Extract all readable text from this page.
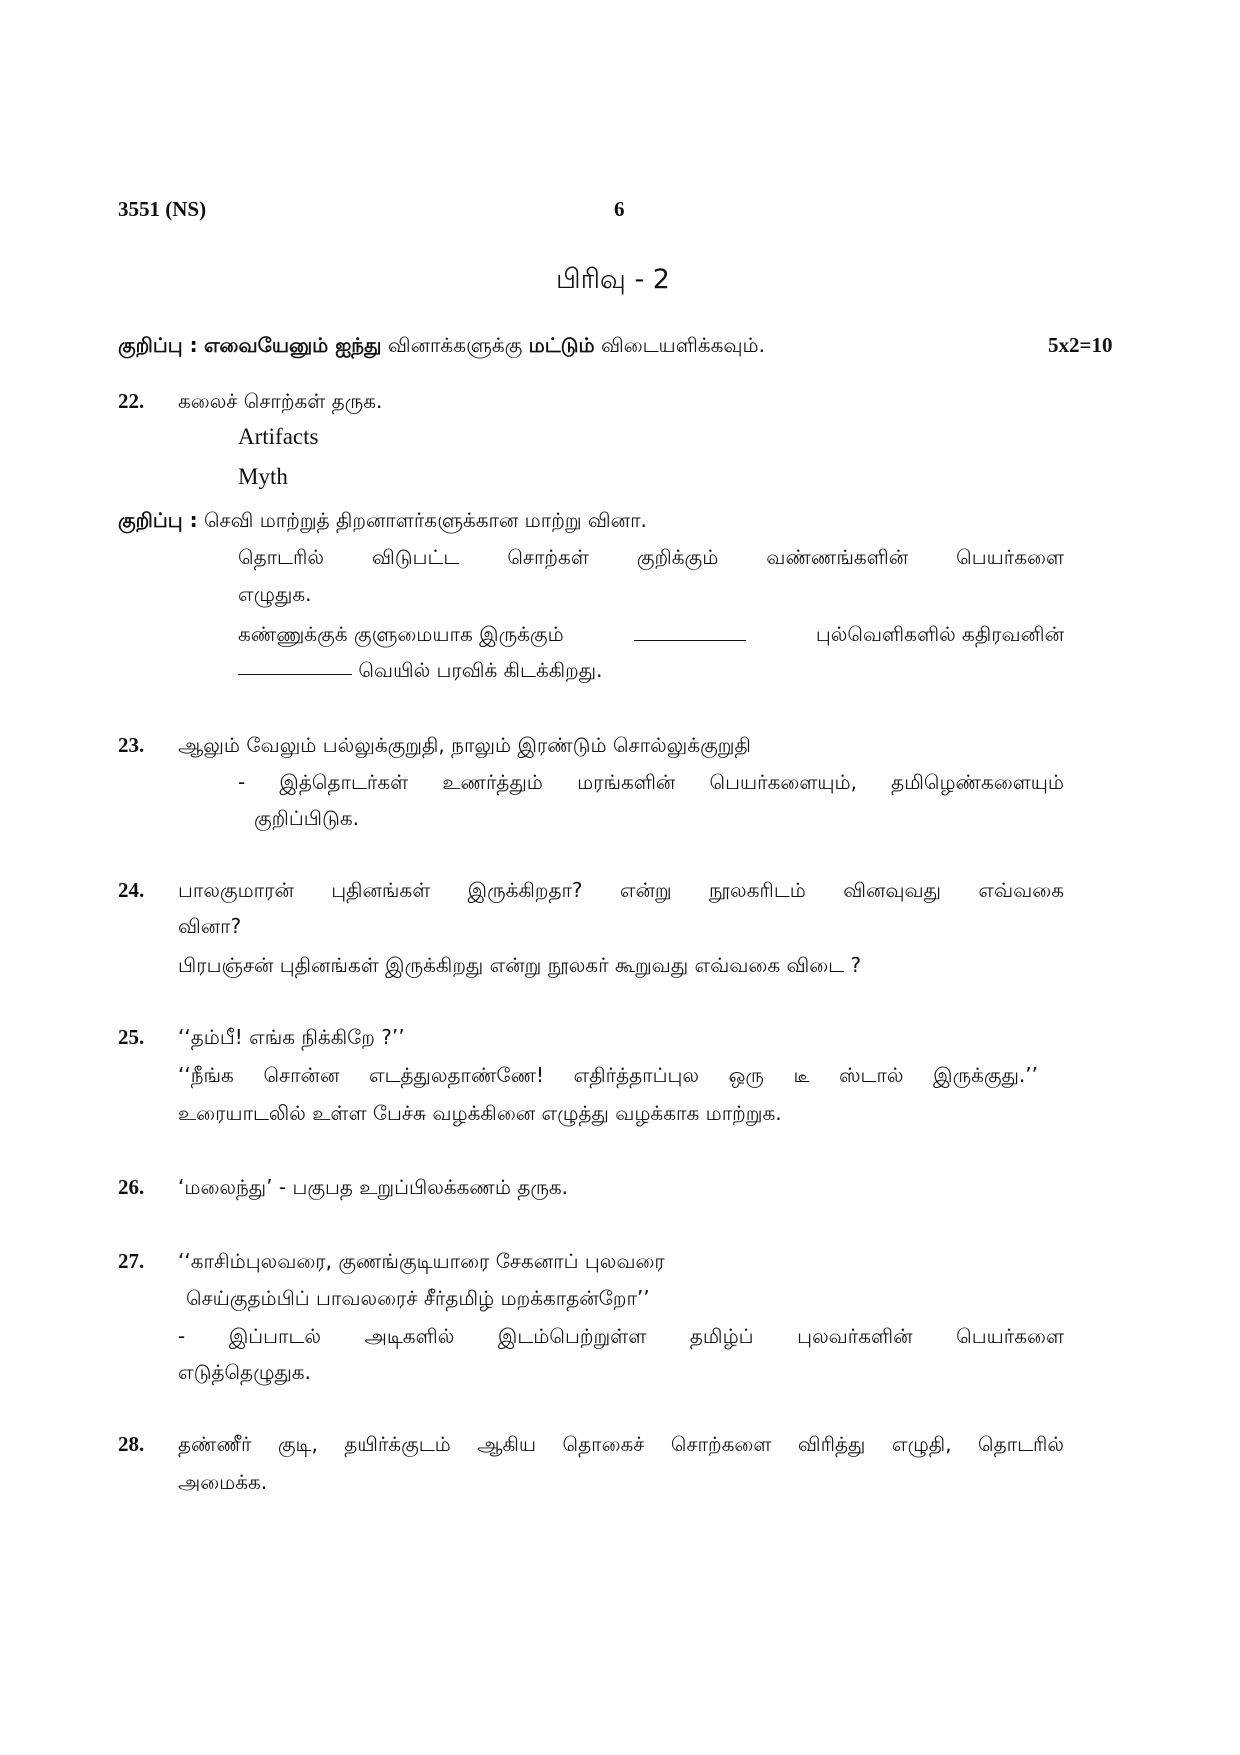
3551 (NS)	6
பிரிவு - 2
குறிப்பு : எவையேனும் ஐந்து வினாக்களுக்கு மட்டும் விடையளிக்கவும்.	5x2=10
22. கலைச் சொற்கள் தருக.
Artifacts
Myth
குறிப்பு : செவி மாற்றுத் திறனாளர்களுக்கான மாற்று வினா.
தொடரில் விடுபட்ட சொற்கள் குறிக்கும் வண்ணங்களின் பெயர்களை
எழுதுக.
கண்ணுக்குக் குளுமையாக இருக்கும்	புல்வெளிகளில் கதிரவனின்
வெயில் பரவிக் கிடக்கிறது.
23. ஆலும் வேலும் பல்லுக்குறுதி, நாலும் இரண்டும் சொல்லுக்குறுதி
- இத்தொடர்கள் உணர்த்தும் மரங்களின் பெயர்களையும், தமிழெண்களையும்
குறிப்பிடுக.
24. பாலகுமாரன் புதினங்கள் இருக்கிறதா? என்று நூலகரிடம் வினவுவது எவ்வகை
வினா?
பிரபஞ்சன் புதினங்கள் இருக்கிறது என்று நூலகர் கூறுவது எவ்வகை விடை ?
25. ‘‘தம்பீ! எங்க நிக்கிறே ?’’
‘‘நீங்க சொன்ன எடத்துலதாண்ணே! எதிர்த்தாப்புல ஒரு டீ ஸ்டால் இருக்குது.’’
உரையாடலில் உள்ள பேச்சு வழக்கினை எழுத்து வழக்காக மாற்றுக.
26. ‘மலைந்து’ - பகுபத உறுப்பிலக்கணம் தருக.
27. ‘‘காசிம்புலவரை, குணங்குடியாரை சேகனாப் புலவரை
செய்குதம்பிப் பாவலரைச் சீர்தமிழ் மறக்காதன்றோ’’
- இப்பாடல் அடிகளில் இடம்பெற்றுள்ள தமிழ்ப் புலவர்களின் பெயர்களை
எடுத்தெழுதுக.
28. தண்ணீர் குடி, தயிர்க்குடம் ஆகிய தொகைச் சொற்களை விரித்து எழுதி, தொடரில்
அமைக்க.
